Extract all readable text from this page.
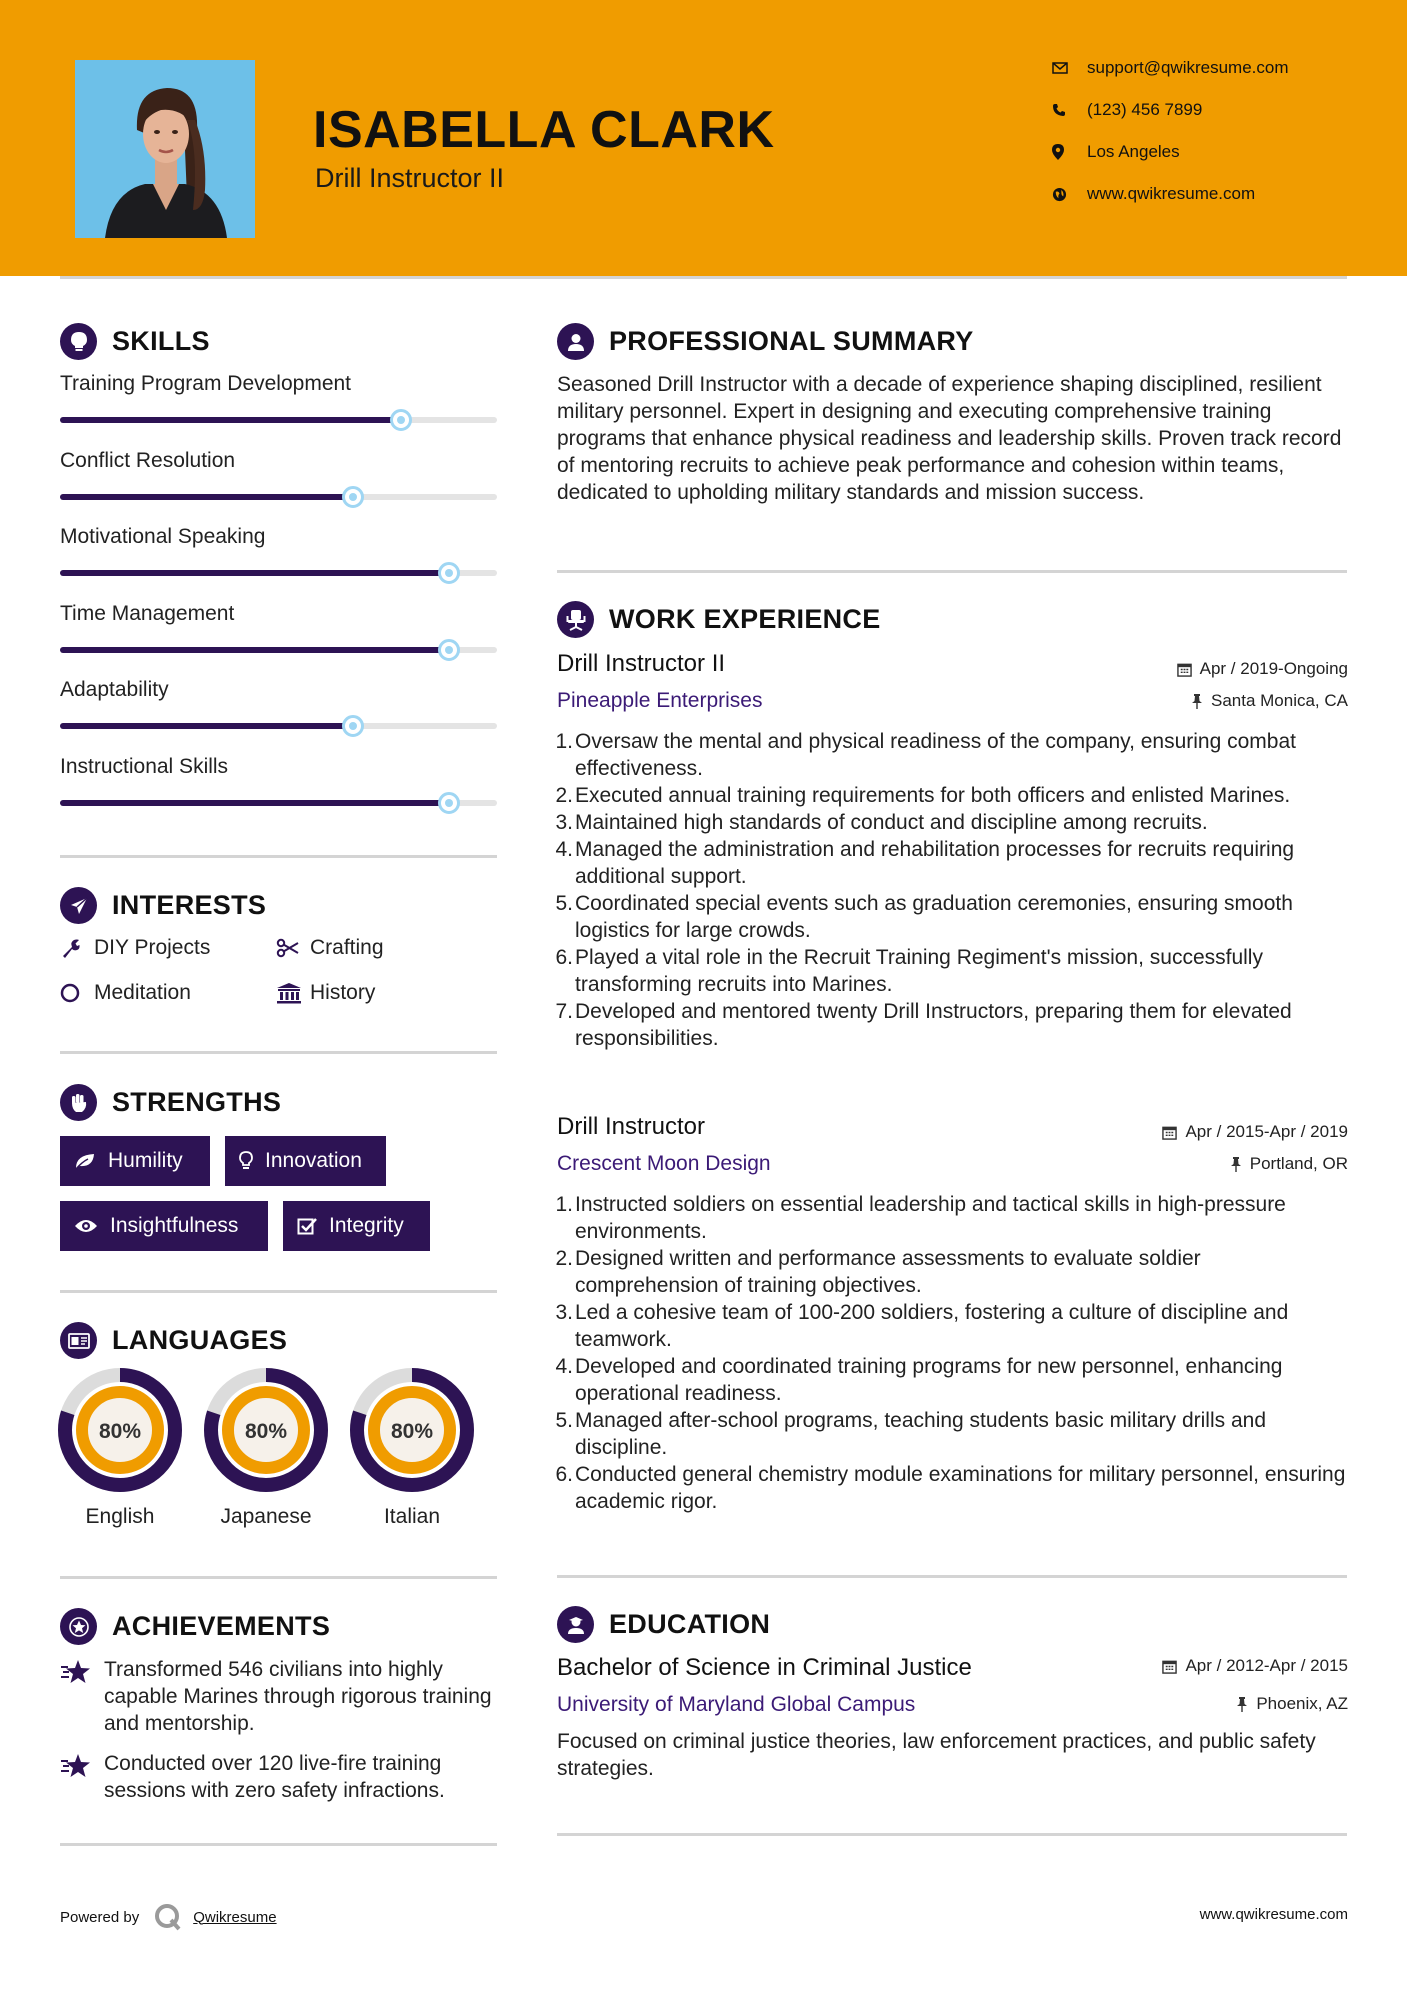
ISABELLA CLARK
Drill Instructor II
support@qwikresume.com
(123) 456 7899
Los Angeles
www.qwikresume.com
SKILLS
Training Program Development
Conflict Resolution
Motivational Speaking
Time Management
Adaptability
Instructional Skills
INTERESTS
DIY Projects	Crafting
Meditation	History
STRENGTHS
Humility	Innovation
Insightfulness	Integrity
LANGUAGES
80%
English
80%
Japanese
80%
Italian
ACHIEVEMENTS
Transformed 546 civilians into highly capable Marines through rigorous training and mentorship.
Conducted over 120 live-fire training sessions with zero safety infractions.
PROFESSIONAL SUMMARY
Seasoned Drill Instructor with a decade of experience shaping disciplined, resilient military personnel. Expert in designing and executing comprehensive training programs that enhance physical readiness and leadership skills. Proven track record of mentoring recruits to achieve peak performance and cohesion within teams, dedicated to upholding military standards and mission success.
WORK EXPERIENCE
Drill Instructor II	Apr / 2019-Ongoing
Pineapple Enterprises	Santa Monica, CA
1. Oversaw the mental and physical readiness of the company, ensuring combat effectiveness.
2. Executed annual training requirements for both officers and enlisted Marines.
3. Maintained high standards of conduct and discipline among recruits.
4. Managed the administration and rehabilitation processes for recruits requiring additional support.
5. Coordinated special events such as graduation ceremonies, ensuring smooth logistics for large crowds.
6. Played a vital role in the Recruit Training Regiment's mission, successfully transforming recruits into Marines.
7. Developed and mentored twenty Drill Instructors, preparing them for elevated responsibilities.
Drill Instructor	Apr / 2015-Apr / 2019
Crescent Moon Design	Portland, OR
1. Instructed soldiers on essential leadership and tactical skills in high-pressure environments.
2. Designed written and performance assessments to evaluate soldier comprehension of training objectives.
3. Led a cohesive team of 100-200 soldiers, fostering a culture of discipline and teamwork.
4. Developed and coordinated training programs for new personnel, enhancing operational readiness.
5. Managed after-school programs, teaching students basic military drills and discipline.
6. Conducted general chemistry module examinations for military personnel, ensuring academic rigor.
EDUCATION
Bachelor of Science in Criminal Justice	Apr / 2012-Apr / 2015
University of Maryland Global Campus	Phoenix, AZ
Focused on criminal justice theories, law enforcement practices, and public safety strategies.
Powered by	Qwikresume	www.qwikresume.com
